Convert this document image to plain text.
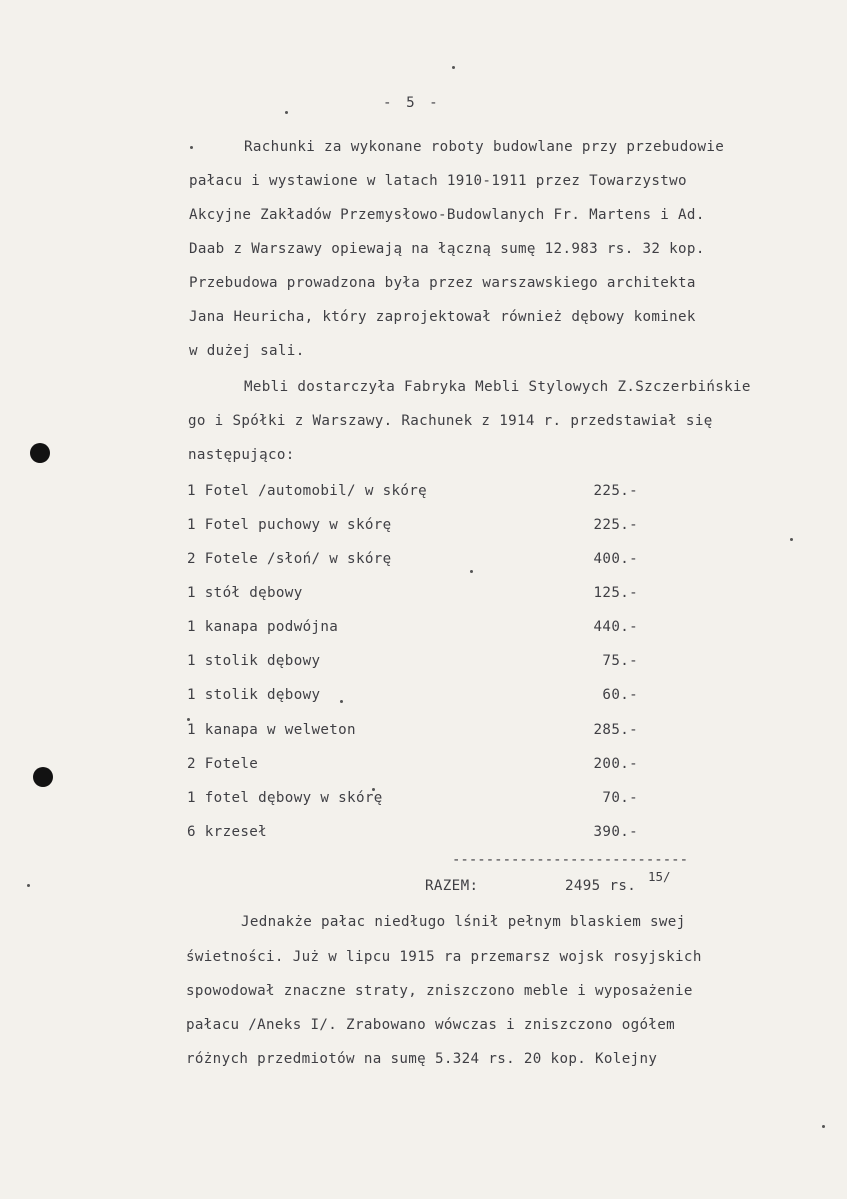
- 5 -
Rachunki za wykonane roboty budowlane przy przebudowie
pałacu i wystawione w latach 1910-1911 przez Towarzystwo
Akcyjne Zakładów Przemysłowo-Budowlanych Fr. Martens i Ad.
Daab z Warszawy opiewają na łączną sumę 12.983 rs. 32 kop.
Przebudowa prowadzona była przez warszawskiego architekta
Jana Heuricha, który zaprojektował również dębowy kominek
w dużej sali.
Mebli dostarczyła Fabryka Mebli Stylowych Z.Szczerbińskie
go i Spółki z Warszawy. Rachunek z 1914 r. przedstawiał się
następująco:
1 Fotel /automobil/ w skórę	225.-
1 Fotel puchowy w skórę	225.-
2 Fotele /słoń/ w skórę	400.-
1 stół dębowy	125.-
1 kanapa podwójna	440.-
1 stolik dębowy	75.-
1 stolik dębowy	60.-
1 kanapa w welweton	285.-
2 Fotele	200.-
1 fotel dębowy w skórę	70.-
6 krzeseł	390.-
----------------------------
RAZEM:	2495 rs.
15/
Jednakże pałac niedługo lśnił pełnym blaskiem swej
świetności. Już w lipcu 1915 ra przemarsz wojsk rosyjskich
spowodował znaczne straty, zniszczono meble i wyposażenie
pałacu /Aneks I/. Zrabowano wówczas i zniszczono ogółem
różnych przedmiotów na sumę 5.324 rs. 20 kop. Kolejny
